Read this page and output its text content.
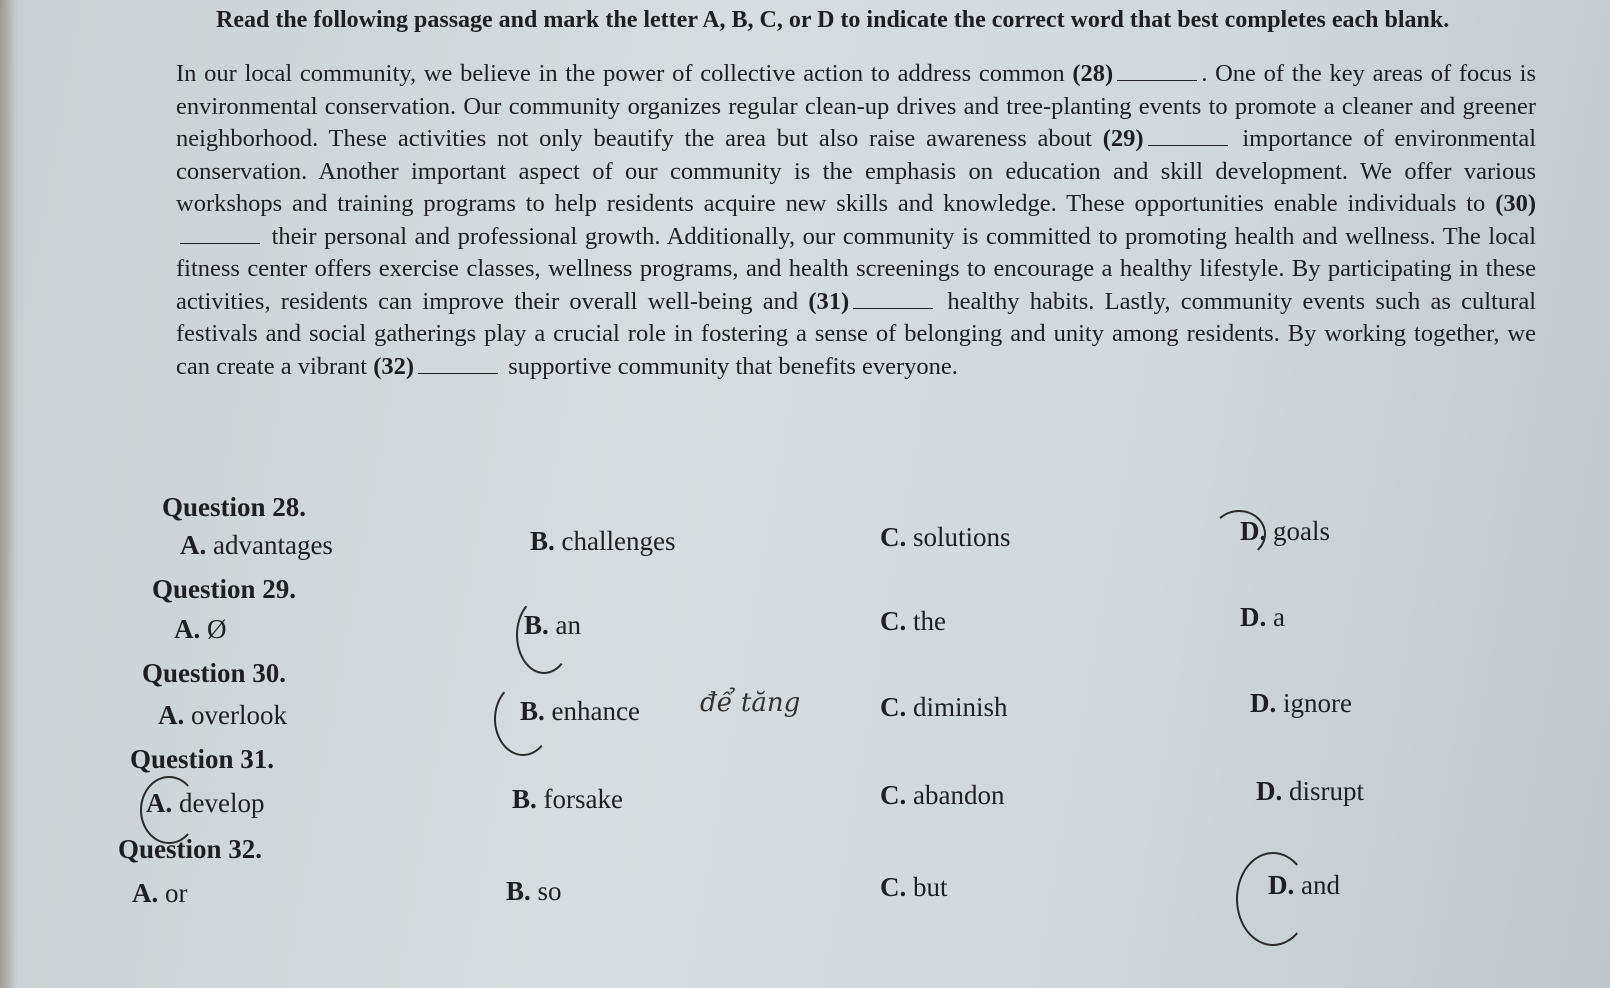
Read the following passage and mark the letter A, B, C, or D to indicate the correct word that best completes each blank.
In our local community, we believe in the power of collective action to address common (28)	. One of the key areas of focus is environmental conservation. Our community organizes regular clean-up drives and tree-planting events to promote a cleaner and greener neighborhood. These activities not only beautify the area but also raise awareness about (29)	importance of environmental conservation. Another important aspect of our community is the emphasis on education and skill development. We offer various workshops and training programs to help residents acquire new skills and knowledge. These opportunities enable individuals to (30) their personal and professional growth. Additionally, our community is committed to promoting health and wellness. The local fitness center offers exercise classes, wellness programs, and health screenings to encourage a healthy lifestyle. By participating in these activities, residents can improve their overall well-being and (31)	healthy habits. Lastly, community events such as cultural festivals and social gatherings play a crucial role in fostering a sense of belonging and unity among residents. By working together, we can create a vibrant (32)	supportive community that benefits everyone.
Question 28.
A. advantages	B. challenges	C. solutions	D. goals
Question 29.
A. Ø	B. an	C. the	D. a
Question 30.
A. overlook	B. enhance	C. diminish	D. ignore
để tăng
Question 31.
A. develop	B. forsake	C. abandon	D. disrupt
Question 32.
A. or	B. so	C. but	D. and
